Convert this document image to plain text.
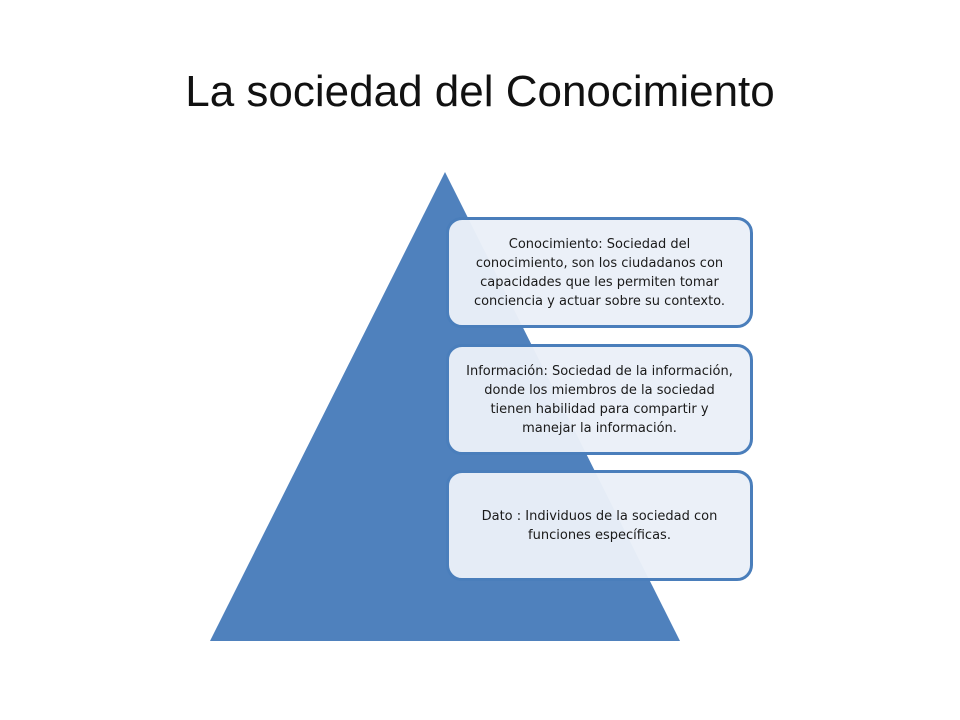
La sociedad del Conocimiento
Conocimiento: Sociedad del conocimiento, son los ciudadanos con capacidades que les permiten tomar conciencia y actuar sobre su contexto.
Información: Sociedad de la información, donde los miembros de la sociedad tienen habilidad para compartir y manejar la información.
Dato : Individuos de la sociedad con funciones específicas.
